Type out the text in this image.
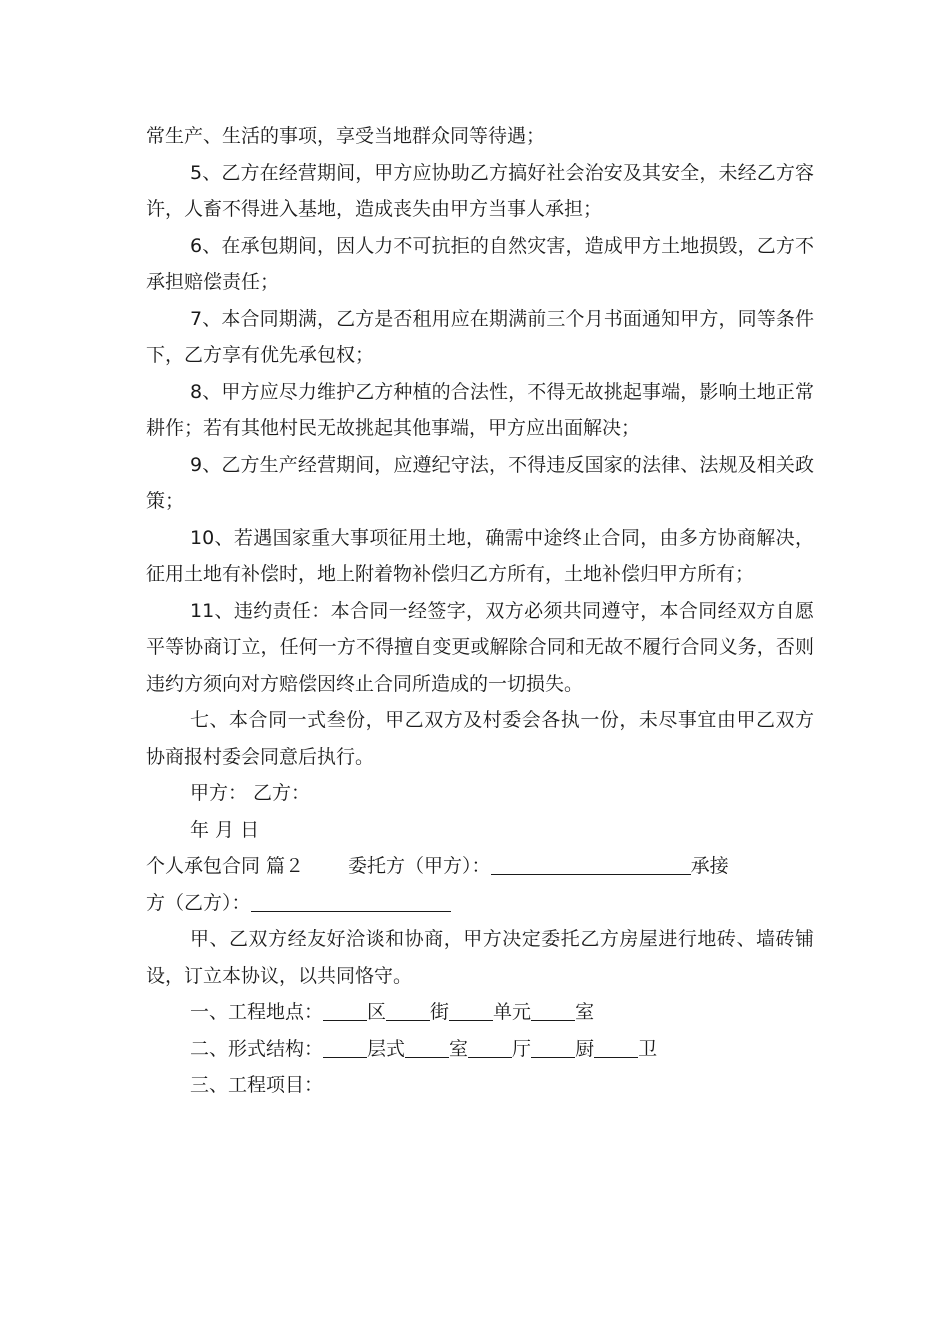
常生产、生活的事项，享受当地群众同等待遇；

5、乙方在经营期间，甲方应协助乙方搞好社会治安及其安全，未经乙方容许，人畜不得进入基地，造成丧失由甲方当事人承担；

6、在承包期间，因人力不可抗拒的自然灾害，造成甲方土地损毁，乙方不承担赔偿责任；

7、本合同期满，乙方是否租用应在期满前三个月书面通知甲方，同等条件下，乙方享有优先承包权；

8、甲方应尽力维护乙方种植的合法性，不得无故挑起事端，影响土地正常耕作；若有其他村民无故挑起其他事端，甲方应出面解决；

9、乙方生产经营期间，应遵纪守法，不得违反国家的法律、法规及相关政策；

10、若遇国家重大事项征用土地，确需中途终止合同，由多方协商解决，征用土地有补偿时，地上附着物补偿归乙方所有，土地补偿归甲方所有；

11、违约责任：本合同一经签字，双方必须共同遵守，本合同经双方自愿平等协商订立，任何一方不得擅自变更或解除合同和无故不履行合同义务，否则违约方须向对方赔偿因终止合同所造成的一切损失。

七、本合同一式叁份，甲乙双方及村委会各执一份，未尽事宜由甲乙双方协商报村委会同意后执行。

甲方： 乙方：

年 月 日

个人承包合同 篇２ 委托方（甲方）：	承接

方（乙方）：

甲、乙双方经友好洽谈和协商，甲方决定委托乙方房屋进行地砖、墙砖铺设，订立本协议，以共同恪守。

一、工程地点： 区 街 单元 室

二、形式结构： 层式 室 厅 厨 卫

三、工程项目：
